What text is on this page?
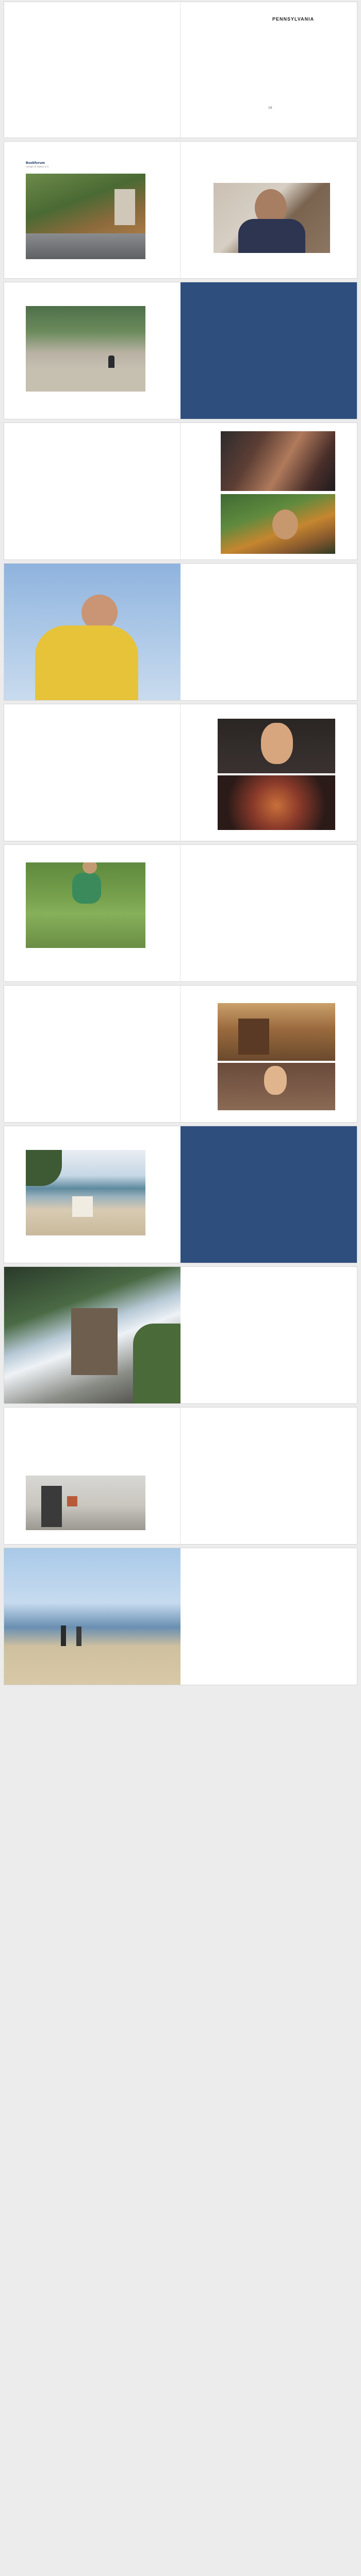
PENNSYLVANIA
16
Bookforum
Lehigh & Valley & U
